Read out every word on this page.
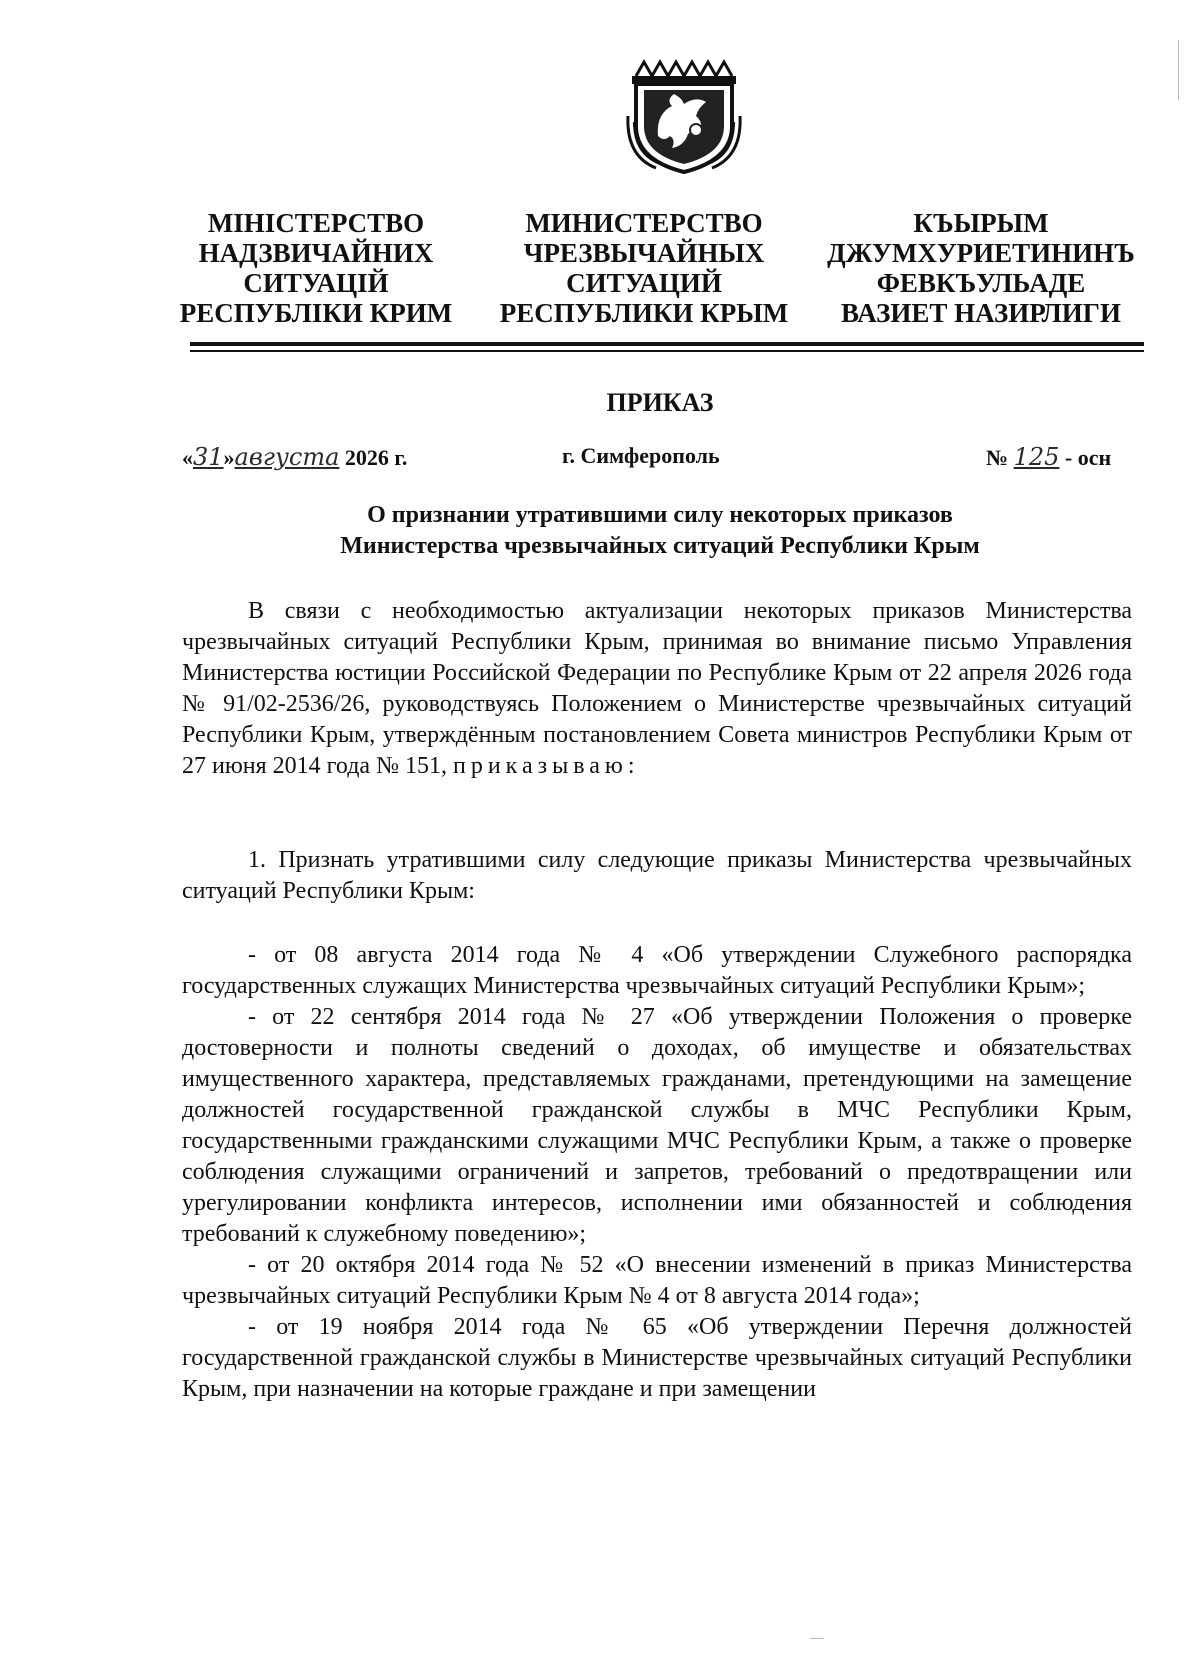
МІНІСТЕРСТВО
НАДЗВИЧАЙНИХ
СИТУАЦІЙ
РЕСПУБЛІКИ КРИМ
МИНИСТЕРСТВО
ЧРЕЗВЫЧАЙНЫХ
СИТУАЦИЙ
РЕСПУБЛИКИ КРЫМ
КЪЫРЫМ
ДЖУМХУРИЕТИНИНЪ
ФЕВКЪУЛЬАДЕ
ВАЗИЕТ НАЗИРЛИГИ
ПРИКАЗ
«31»августа 2026 г.	г. Симферополь	№ 125 - осн
О признании утратившими силу некоторых приказов
Министерства чрезвычайных ситуаций Республики Крым

В связи с необходимостью актуализации некоторых приказов Министерства чрезвычайных ситуаций Республики Крым, принимая во внимание письмо Управления Министерства юстиции Российской Федерации по Республике Крым от 22 апреля 2026 года № 91/02-2536/26, руководствуясь Положением о Министерстве чрезвычайных ситуаций Республики Крым, утверждённым постановлением Совета министров Республики Крым от 27 июня 2014 года № 151, приказываю:

1. Признать утратившими силу следующие приказы Министерства чрезвычайных ситуаций Республики Крым:

- от 08 августа 2014 года № 4 «Об утверждении Служебного распорядка государственных служащих Министерства чрезвычайных ситуаций Республики Крым»;

- от 22 сентября 2014 года № 27 «Об утверждении Положения о проверке достоверности и полноты сведений о доходах, об имуществе и обязательствах имущественного характера, представляемых гражданами, претендующими на замещение должностей государственной гражданской службы в МЧС Республики Крым, государственными гражданскими служащими МЧС Республики Крым, а также о проверке соблюдения служащими ограничений и запретов, требований о предотвращении или урегулировании конфликта интересов, исполнении ими обязанностей и соблюдения требований к служебному поведению»;

- от 20 октября 2014 года № 52 «О внесении изменений в приказ Министерства чрезвычайных ситуаций Республики Крым № 4 от 8 августа 2014 года»;

- от 19 ноября 2014 года № 65 «Об утверждении Перечня должностей государственной гражданской службы в Министерстве чрезвычайных ситуаций Республики Крым, при назначении на которые граждане и при замещении
